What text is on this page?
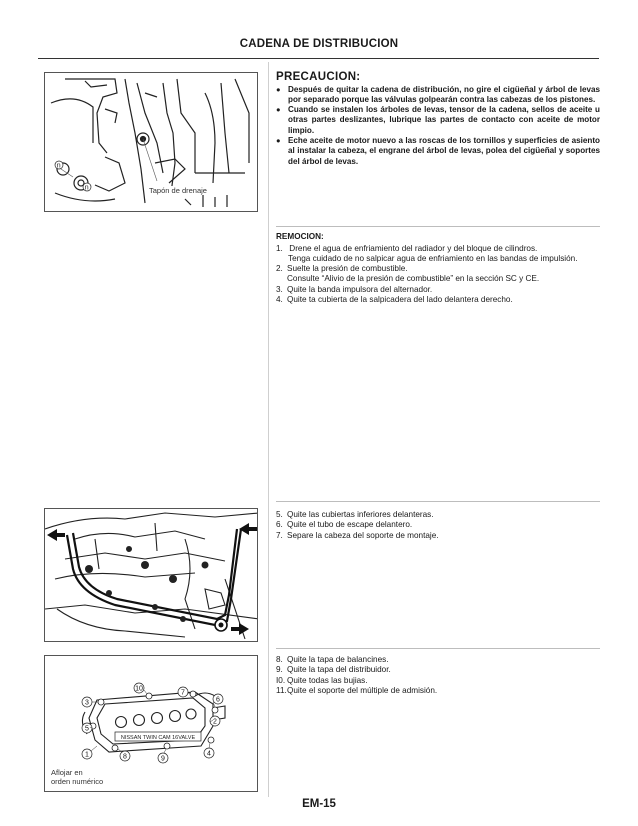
CADENA DE DISTRIBUCION
n
n	Tapón de drenaje
PRECAUCION:
● Después de quitar la cadena de distribución, no gire el cigüeñal y árbol de levas por separado porque las válvulas golpearán contra las cabezas de los pistones.
● Cuando se instalen los árboles de levas, tensor de la cadena, sellos de aceite u otras partes deslizantes, lubrique las partes de contacto con aceite de motor limpio.
● Eche aceite de motor nuevo a las roscas de los tornillos y superficies de asiento al instalar la cabeza, el engrane del árbol de levas, polea del cigüeñal y soportes del árbol de levas.
REMOCION:
1. Drene el agua de enfriamiento del radiador y del bloque de cilindros.
Tenga cuidado de no salpicar agua de enfriamiento en las bandas de impulsión.
2. Suelte la presión de combustible.
Consulte “Alivio de la presión de combustible” en la sección SC y CE.
3. Quite la banda impulsora del alternador.
4. Quite ta cubierta de la salpicadera del lado delantera derecho.
5. Quite las cubiertas inferiores delanteras.
6. Quite el tubo de escape delantero.
7. Separe la cabeza del soporte de montaje.
NISSAN TWIN CAM 16VALVE
3
10
7
6
2
4
9
8
5
1
Aflojar en
orden numérico
8. Quite la tapa de balancines.
9. Quite la tapa del distribuidor.
I0. Quite todas las bujias.
11.Quite el soporte del múltiple de admisión.
EM-15
